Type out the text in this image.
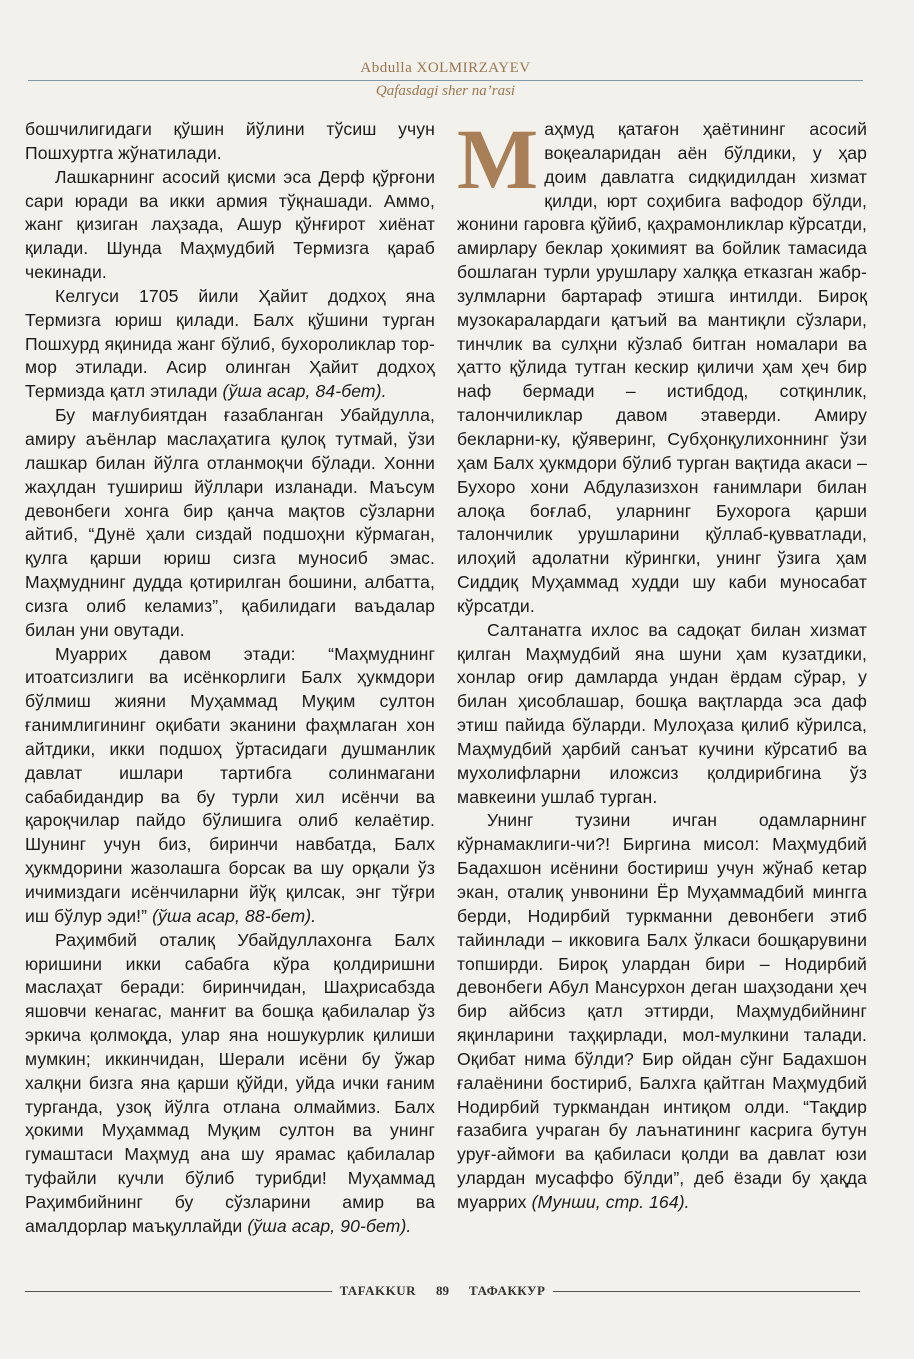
Abdulla XOLMIRZAYEV
Qafasdagi sher na’rasi

бошчилигидаги қўшин йўлини тўсиш учун Пошхуртга жўнатилади.

Лашкарнинг асосий қисми эса Дерф қўрғони сари юради ва икки армия тўқнашади. Аммо, жанг қизиган лаҳзада, Ашур қўнғирот хиёнат қилади. Шунда Маҳмудбий Термизга қараб чекинади.

Келгуси 1705 йили Ҳайит додхоҳ яна Термизга юриш қилади. Балх қўшини турган Пошхурд яқинида жанг бўлиб, бухороликлар тор-мор этилади. Асир олинган Ҳайит додхоҳ Термизда қатл этилади (ўша асар, 84-бет).

Бу мағлубиятдан ғазабланган Убайдулла, амиру аъёнлар маслаҳатига қулоқ тутмай, ўзи лашкар билан йўлга отланмоқчи бўлади. Хонни жаҳлдан тушириш йўллари изланади. Маъсум девонбеги хонга бир қанча мақтов сўзларни айтиб, “Дунё ҳали сиздай подшоҳни кўрмаган, қулга қарши юриш сизга муносиб эмас. Маҳмуднинг дудда қотирилган бошини, албатта, сизга олиб келамиз”, қабилидаги ваъдалар билан уни овутади.

Муаррих давом этади: “Маҳмуднинг итоатсизлиги ва исёнкорлиги Балх ҳукмдори бўлмиш жияни Муҳаммад Муқим султон ғанимлигининг оқибати эканини фаҳмлаган хон айтдики, икки подшоҳ ўртасидаги душманлик давлат ишлари тартибга солинмагани сабабидандир ва бу турли хил исёнчи ва қароқчилар пайдо бўлишига олиб келаётир. Шунинг учун биз, биринчи навбатда, Балх ҳукмдорини жазолашга борсак ва шу орқали ўз ичимиздаги исёнчиларни йўқ қилсак, энг тўғри иш бўлур эди!” (ўша асар, 88-бет).

Раҳимбий отaлиқ Убайдуллахонга Балх юришини икки сабабга кўра қолдиришни маслаҳат беради: биринчидан, Шаҳрисабзда яшовчи кенагас, манғит ва бошқа қабилалар ўз эркича қолмоқда, улар яна ношукурлик қилиши мумкин; иккинчидан, Шерали исёни бу ўжар халқни бизга яна қарши қўйди, уйда ички ғаним турганда, узоқ йўлга отлана олмаймиз. Балх ҳокими Муҳаммад Муқим султон ва унинг гумаштаси Маҳмуд ана шу ярамас қабилалар туфайли кучли бўлиб турибди! Муҳаммад Раҳимбийнинг бу сўзларини амир ва амалдорлар маъқуллайди (ўша асар, 90-бет).

Маҳмуд қатағон ҳаётининг асосий воқеаларидан аён бўлдики, у ҳар доим давлатга сидқидилдан хизмат қилди, юрт соҳибига вафодор бўлди, жонини гаровга қўйиб, қаҳрамонликлар кўрсатди, амирлару беклар ҳокимият ва бойлик тамасида бошлаган турли урушлару халққа етказган жабр-зулмларни бартараф этишга интилди. Бироқ музокаралардаги қатъий ва мантиқли сўзлари, тинчлик ва сулҳни кўзлаб битган номалари ва ҳатто қўлида тутган кескир қиличи ҳам ҳеч бир наф бермади – истибдод, сотқинлик, талончиликлар давом этаверди. Амиру бекларни-ку, қўяверинг, Субҳонқулихоннинг ўзи ҳам Балх ҳукмдори бўлиб турган вақтида акаси – Бухоро хони Абдулазизхон ғанимлари билан алоқа боғлаб, уларнинг Бухорога қарши талончилик урушларини қўллаб-қувватлади, илоҳий адолатни кўрингки, унинг ўзига ҳам Сиддиқ Муҳаммад худди шу каби муносабат кўрсатди.

Салтанатга ихлос ва садоқат билан хизмат қилган Маҳмудбий яна шуни ҳам кузатдики, хонлар оғир дамларда ундан ёрдам сўрар, у билан ҳисоблашар, бошқа вақтларда эса даф этиш пайида бўларди. Мулоҳаза қилиб кўрилса, Маҳмудбий ҳарбий санъат кучини кўрсатиб ва мухолифларни иложсиз қолдирибгина ўз мавкеини ушлаб турган.

Унинг тузини ичган одамларнинг кўрнамаклиги-чи?! Биргина мисол: Маҳмудбий Бадахшон исёнини бостириш учун жўнаб кетар экан, отaлиқ унвонини Ёр Муҳаммадбий мингга берди, Нодирбий туркманни девонбеги этиб тайинлади – икковига Балх ўлкаси бошқарувини топширди. Бироқ улардан бири – Нодирбий девонбеги Абул Мансурхон деган шаҳзодани ҳеч бир айбсиз қатл эттирди, Маҳмудбийнинг яқинларини таҳқирлади, мол-мулкини талади. Оқибат нима бўлди? Бир ойдан сўнг Бадахшон ғалаёнини бостириб, Балхга қайтган Маҳмудбий Нодирбий туркмандан интиқом олди. “Тақдир ғазабига учраган бу лаънатининг касрига бутун уруғ-аймоғи ва қабиласи қолди ва давлат юзи улардан мусаффо бўлди”, деб ёзади бу ҳақда муаррих (Мунши, стр. 164).

TAFAKKUR	89	ТАФАККУР
